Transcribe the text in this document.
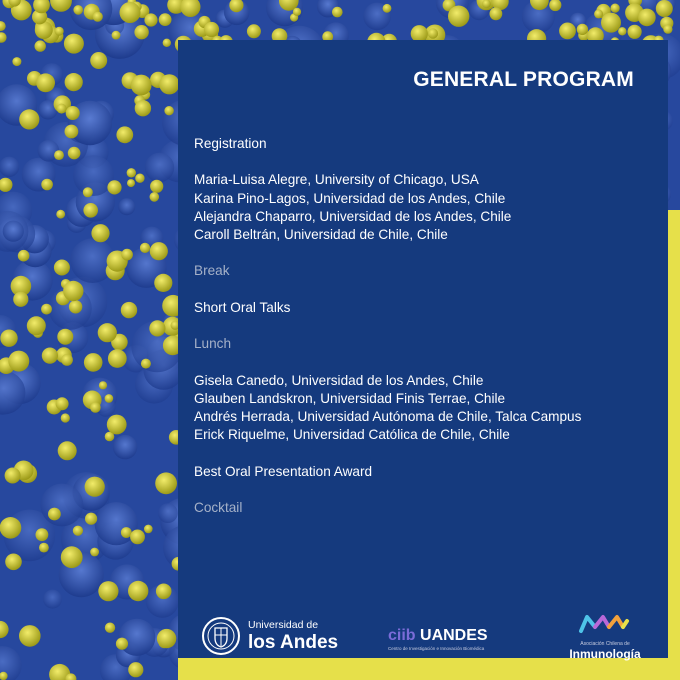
GENERAL PROGRAM
Registration
Maria-Luisa Alegre, University of Chicago, USA
Karina Pino-Lagos, Universidad de los Andes, Chile
Alejandra Chaparro, Universidad de los Andes, Chile
Caroll Beltrán, Universidad de Chile, Chile
Break
Short Oral Talks
Lunch
Gisela Canedo, Universidad de los Andes, Chile
Glauben Landskron, Universidad Finis Terrae, Chile
Andrés Herrada, Universidad Autónoma de Chile, Talca Campus
Erick Riquelme, Universidad Católica de Chile, Chile
Best Oral Presentation Award
Cocktail
Universidad de
los Andes	ciib UANDES
Centro de Investigación e Innovación Biomédica
Asociación Chilena de
Inmunología
